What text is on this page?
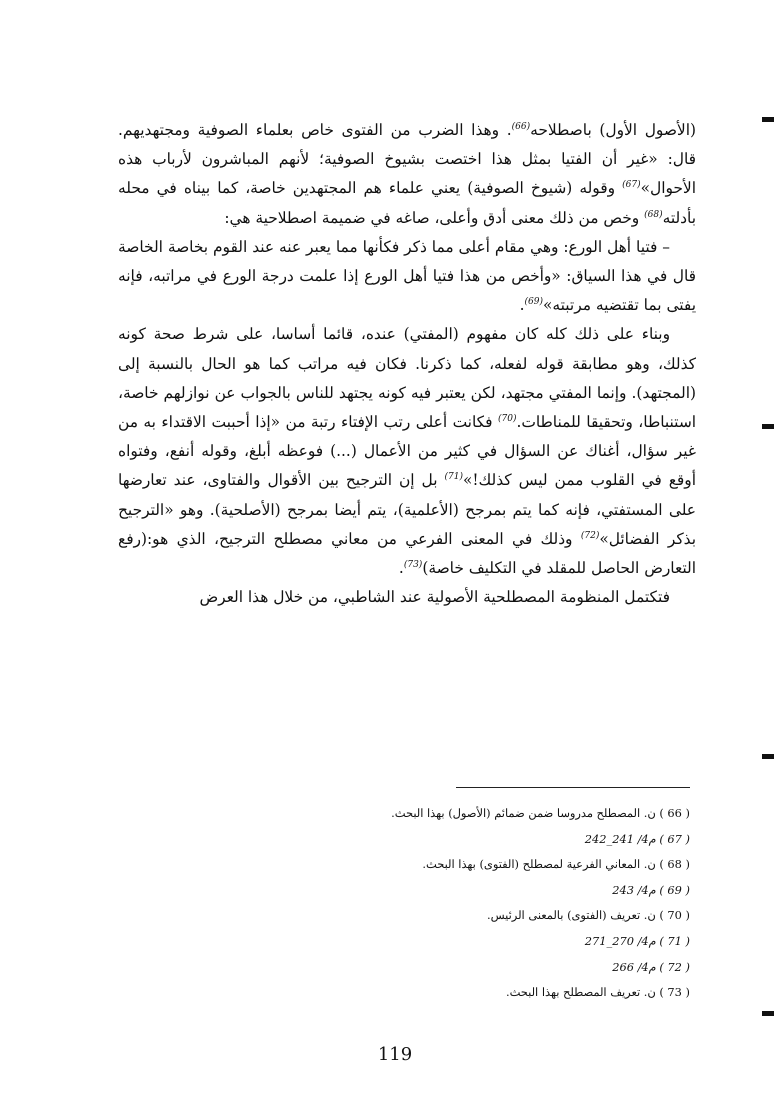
(الأصول الأول) باصطلاحه$^{(66)}$. وهذا الضرب من الفتوى خاص بعلماء الصوفية ومجتهديهم. قال: «غير أن الفتيا بمثل هذا اختصت بشيوخ الصوفية؛ لأنهم المباشرون لأرباب هذه الأحوال»$^{(67)}$ وقوله (شيوخ الصوفية) يعني علماء هم المجتهدين خاصة، كما بيناه في محله بأدلته$^{(68)}$ وخص من ذلك معنى أدق وأعلى، صاغه في ضميمة اصطلاحية هي:

– فتيا أهل الورع: وهي مقام أعلى مما ذكر فكأنها مما يعبر عنه عند القوم بخاصة الخاصة قال في هذا السياق: «وأخص من هذا فتيا أهل الورع إذا علمت درجة الورع في مراتبه، فإنه يفتى بما تقتضيه مرتبته»$^{(69)}$.

وبناء على ذلك كله كان مفهوم (المفتي) عنده، قائما أساسا، على شرط صحة كونه كذلك، وهو مطابقة قوله لفعله، كما ذكرنا. فكان فيه مراتب كما هو الحال بالنسبة إلى (المجتهد). وإنما المفتي مجتهد، لكن يعتبر فيه كونه يجتهد للناس بالجواب عن نوازلهم خاصة، استنباطا، وتحقيقا للمناطات.$^{(70)}$ فكانت أعلى رتب الإفتاء رتبة من «إذا أحببت الاقتداء به من غير سؤال، أغناك عن السؤال في كثير من الأعمال (...) فوعظه أبلغ، وقوله أنفع، وفتواه أوقع في القلوب ممن ليس كذلك!»$^{(71)}$ بل إن الترجيح بين الأقوال والفتاوى، عند تعارضها على المستفتي، فإنه كما يتم بمرجح (الأعلمية)، يتم أيضا بمرجح (الأصلحية). وهو «الترجيح بذكر الفضائل»$^{(72)}$ وذلك في المعنى الفرعي من معاني مصطلح الترجيح، الذي هو:(رفع التعارض الحاصل للمقلد في التكليف خاصة)$^{(73)}$.

فتكتمل المنظومة المصطلحية الأصولية عند الشاطبي، من خلال هذا العرض

( 66 ) ن. المصطلح مدروسا ضمن ضمائم (الأصول) بهذا البحث.
( 67 ) م4/ 241_242
( 68 ) ن. المعاني الفرعية لمصطلح (الفتوى) بهذا البحث.
( 69 ) م4/ 243
( 70 ) ن. تعريف (الفتوى) بالمعنى الرئيس.
( 71 ) م4/ 270_271
( 72 ) م4/ 266
( 73 ) ن. تعريف المصطلح بهذا البحث.
119
